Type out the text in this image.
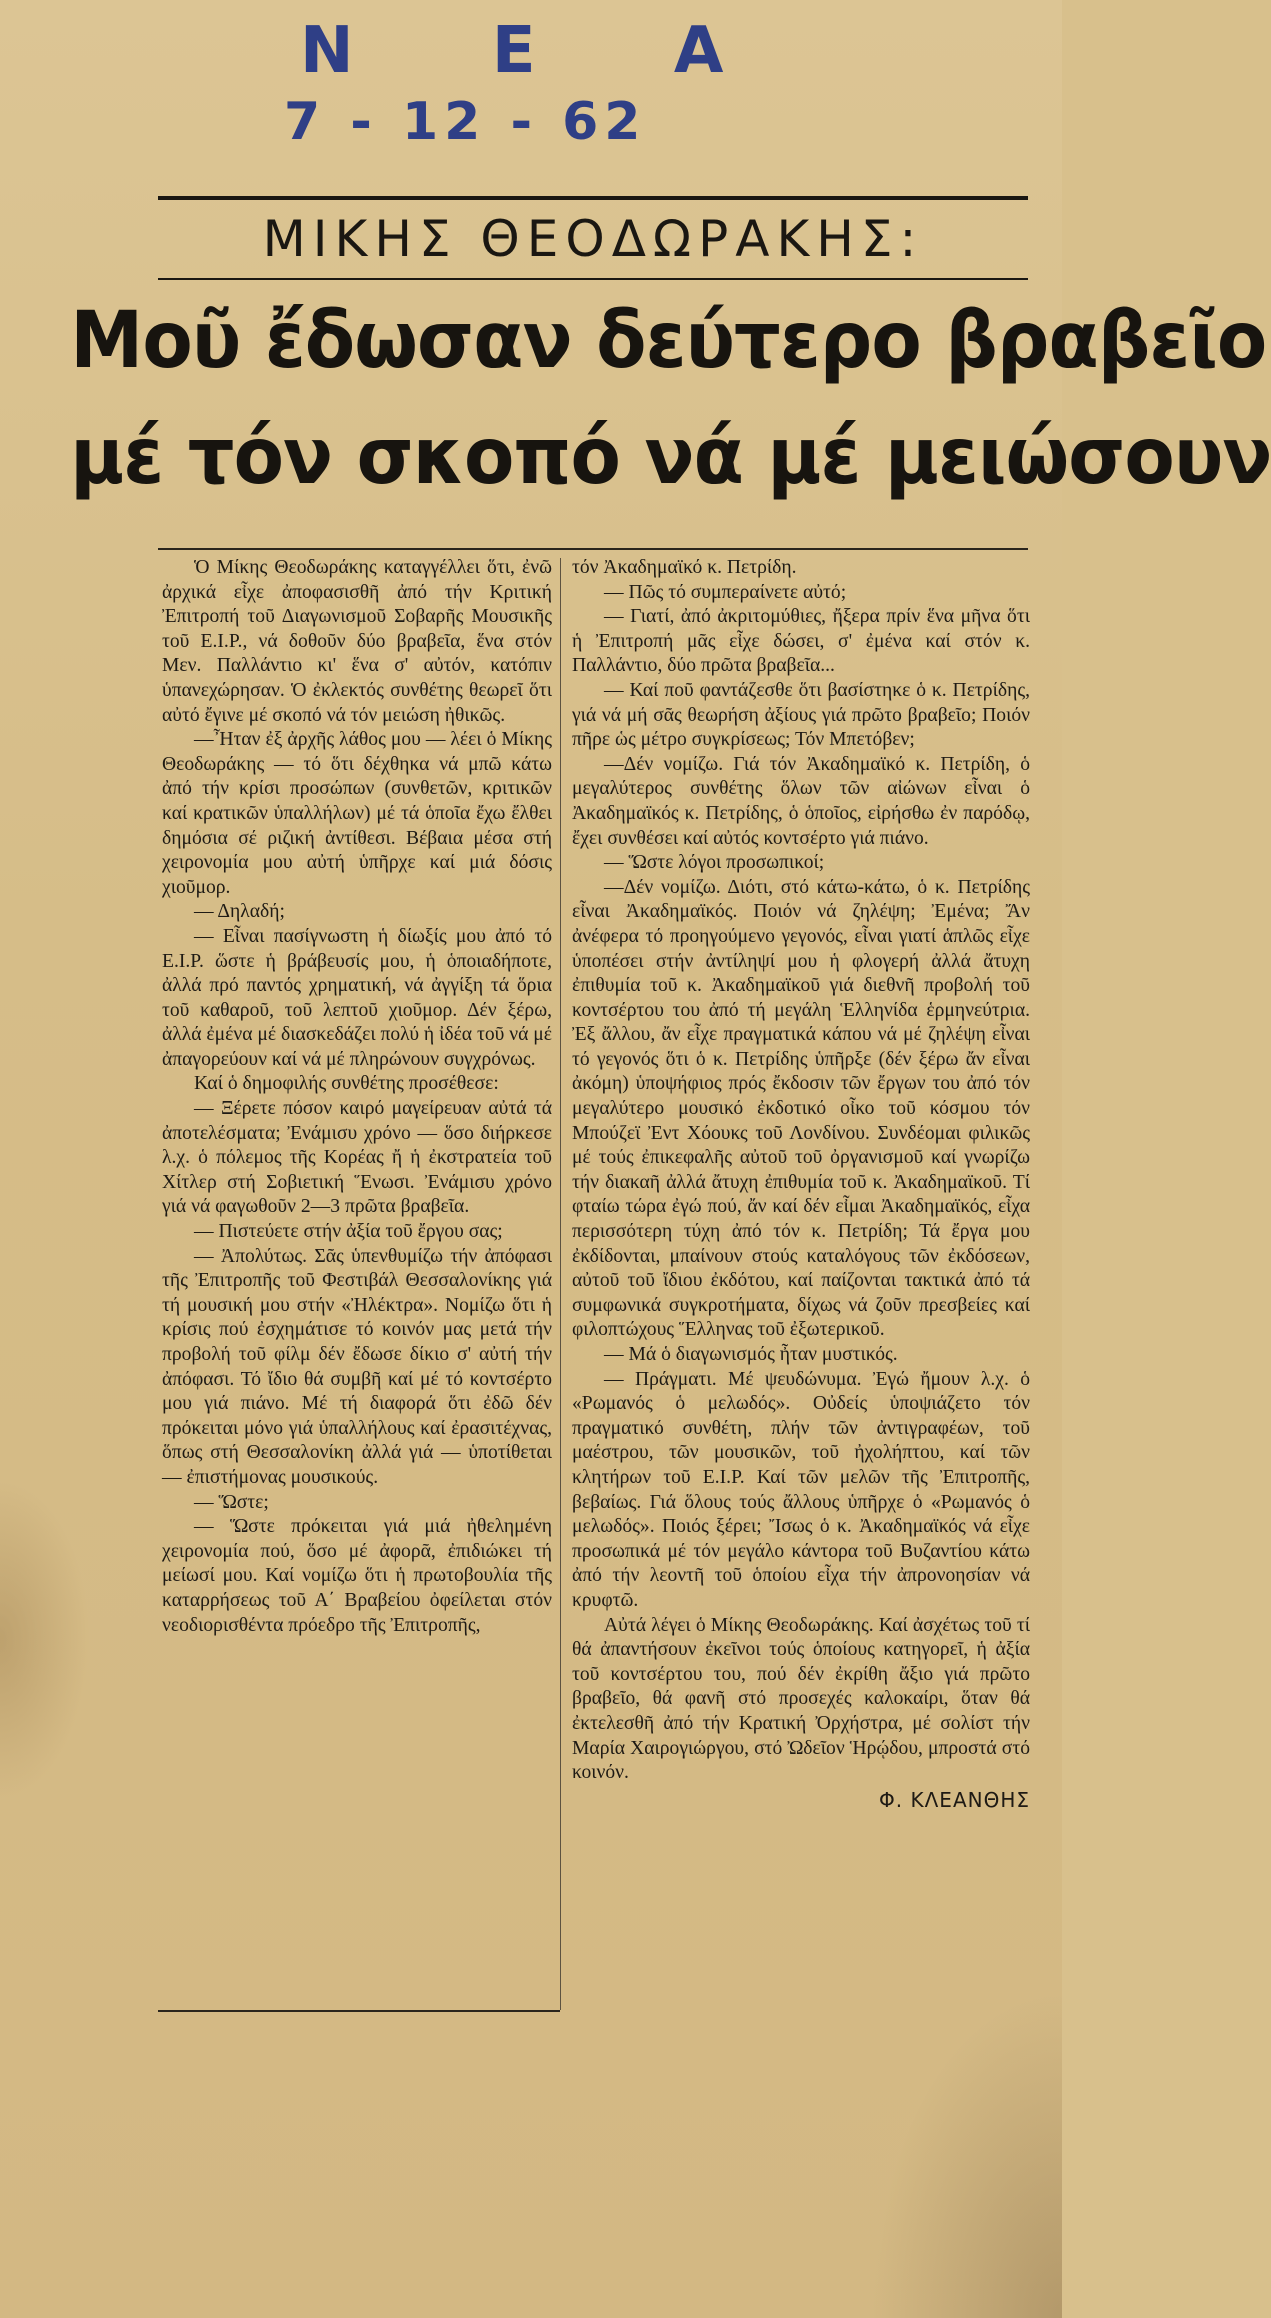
Ν Ε Α
7 - 12 - 62
ΜΙΚΗΣ ΘΕΟΔΩΡΑΚΗΣ:
Μοῦ ἔδωσαν δεύτερο βραβεῖο
μέ τόν σκοπό νά μέ μειώσουν

Ὁ Μίκης Θεοδωράκης καταγγέλλει ὅτι, ἐνῶ ἀρχικά εἶχε ἀποφασισθῆ ἀπό τήν Κριτική Ἐπιτροπή τοῦ Διαγωνισμοῦ Σοβαρῆς Μουσικῆς τοῦ Ε.Ι.Ρ., νά δοθοῦν δύο βραβεῖα, ἕνα στόν Μεν. Παλλάντιο κι' ἕνα σ' αὐτόν, κατόπιν ὑπανεχώρησαν. Ὁ ἐκλεκτός συνθέτης θεωρεῖ ὅτι αὐτό ἔγινε μέ σκοπό νά τόν μειώση ἠθικῶς.

—Ἦταν ἐξ ἀρχῆς λάθος μου — λέει ὁ Μίκης Θεοδωράκης — τό ὅτι δέχθηκα νά μπῶ κάτω ἀπό τήν κρίσι προσώπων (συνθετῶν, κριτικῶν καί κρατικῶν ὑπαλλήλων) μέ τά ὁποῖα ἔχω ἔλθει δημόσια σέ ριζική ἀντίθεσι. Βέβαια μέσα στή χειρονομία μου αὐτή ὑπῆρχε καί μιά δόσις χιοῦμορ.

— Δηλαδή;

— Εἶναι πασίγνωστη ἡ δίωξίς μου ἀπό τό Ε.Ι.Ρ. ὥστε ἡ βράβευσίς μου, ἡ ὁποιαδήποτε, ἀλλά πρό παντός χρηματική, νά ἀγγίξη τά ὅρια τοῦ καθαροῦ, τοῦ λεπτοῦ χιοῦμορ. Δέν ξέρω, ἀλλά ἐμένα μέ διασκεδάζει πολύ ἡ ἰδέα τοῦ νά μέ ἀπαγορεύουν καί νά μέ πληρώνουν συγχρόνως.

Καί ὁ δημοφιλής συνθέτης προσέθεσε:

— Ξέρετε πόσον καιρό μαγείρευαν αὐτά τά ἀποτελέσματα; Ἐνάμισυ χρόνο — ὅσο διήρκεσε λ.χ. ὁ πόλεμος τῆς Κορέας ἤ ἡ ἐκστρατεία τοῦ Χίτλερ στή Σοβιετική Ἕνωσι. Ἐνάμισυ χρόνο γιά νά φαγωθοῦν 2—3 πρῶτα βραβεῖα.

— Πιστεύετε στήν ἀξία τοῦ ἔργου σας;

— Ἀπολύτως. Σᾶς ὑπενθυμίζω τήν ἀπόφασι τῆς Ἐπιτροπῆς τοῦ Φεστιβάλ Θεσσαλονίκης γιά τή μουσική μου στήν «Ἠλέκτρα». Νομίζω ὅτι ἡ κρίσις πού ἐσχημάτισε τό κοινόν μας μετά τήν προβολή τοῦ φίλμ δέν ἔδωσε δίκιο σ' αὐτή τήν ἀπόφασι. Τό ἴδιο θά συμβῆ καί μέ τό κοντσέρτο μου γιά πιάνο. Μέ τή διαφορά ὅτι ἐδῶ δέν πρόκειται μόνο γιά ὑπαλλήλους καί ἐρασιτέχνας, ὅπως στή Θεσσαλονίκη ἀλλά γιά — ὑποτίθεται — ἐπιστήμονας μουσικούς.

— Ὥστε;

— Ὥστε πρόκειται γιά μιά ἠθελημένη χειρονομία πού, ὅσο μέ ἀφορᾶ, ἐπιδιώκει τή μείωσί μου. Καί νομίζω ὅτι ἡ πρωτοβουλία τῆς καταρρήσεως τοῦ Α΄ Βραβείου ὀφείλεται στόν νεοδιορισθέντα πρόεδρο τῆς Ἐπιτροπῆς,

τόν Ἀκαδημαϊκό κ. Πετρίδη.

— Πῶς τό συμπεραίνετε αὐτό;

— Γιατί, ἀπό ἀκριτομύθιες, ἤξερα πρίν ἕνα μῆνα ὅτι ἡ Ἐπιτροπή μᾶς εἶχε δώσει, σ' ἐμένα καί στόν κ. Παλλάντιο, δύο πρῶτα βραβεῖα...

— Καί ποῦ φαντάζεσθε ὅτι βασίστηκε ὁ κ. Πετρίδης, γιά νά μή σᾶς θεωρήση ἀξίους γιά πρῶτο βραβεῖο; Ποιόν πῆρε ὡς μέτρο συγκρίσεως; Τόν Μπετόβεν;

—Δέν νομίζω. Γιά τόν Ἀκαδημαϊκό κ. Πετρίδη, ὁ μεγαλύτερος συνθέτης ὅλων τῶν αἰώνων εἶναι ὁ Ἀκαδημαϊκός κ. Πετρίδης, ὁ ὁποῖος, εἰρήσθω ἐν παρόδῳ, ἔχει συνθέσει καί αὐτός κοντσέρτο γιά πιάνο.

— Ὥστε λόγοι προσωπικοί;

—Δέν νομίζω. Διότι, στό κάτω-κάτω, ὁ κ. Πετρίδης εἶναι Ἀκαδημαϊκός. Ποιόν νά ζηλέψη; Ἐμένα; Ἄν ἀνέφερα τό προηγούμενο γεγονός, εἶναι γιατί ἁπλῶς εἶχε ὑποπέσει στήν ἀντίληψί μου ἡ φλογερή ἀλλά ἄτυχη ἐπιθυμία τοῦ κ. Ἀκαδημαϊκοῦ γιά διεθνῆ προβολή τοῦ κοντσέρτου του ἀπό τή μεγάλη Ἑλληνίδα ἑρμηνεύτρια. Ἐξ ἄλλου, ἄν εἶχε πραγματικά κάπου νά μέ ζηλέψη εἶναι τό γεγονός ὅτι ὁ κ. Πετρίδης ὑπῆρξε (δέν ξέρω ἄν εἶναι ἀκόμη) ὑποψήφιος πρός ἔκδοσιν τῶν ἔργων του ἀπό τόν μεγαλύτερο μουσικό ἐκδοτικό οἶκο τοῦ κόσμου τόν Μπούζεϊ Ἐντ Χόουκς τοῦ Λονδίνου. Συνδέομαι φιλικῶς μέ τούς ἐπικεφαλῆς αὐτοῦ τοῦ ὀργανισμοῦ καί γνωρίζω τήν διακαῆ ἀλλά ἄτυχη ἐπιθυμία τοῦ κ. Ἀκαδημαϊκοῦ. Τί φταίω τώρα ἐγώ πού, ἄν καί δέν εἶμαι Ἀκαδημαϊκός, εἶχα περισσότερη τύχη ἀπό τόν κ. Πετρίδη; Τά ἔργα μου ἐκδίδονται, μπαίνουν στούς καταλόγους τῶν ἐκδόσεων, αὐτοῦ τοῦ ἴδιου ἐκδότου, καί παίζονται τακτικά ἀπό τά συμφωνικά συγκροτήματα, δίχως νά ζοῦν πρεσβείες καί φιλοπτώχους Ἕλληνας τοῦ ἐξωτερικοῦ.

— Μά ὁ διαγωνισμός ἦταν μυστικός.

— Πράγματι. Μέ ψευδώνυμα. Ἐγώ ἤμουν λ.χ. ὁ «Ρωμανός ὁ μελωδός». Οὐδείς ὑποψιάζετο τόν πραγματικό συνθέτη, πλήν τῶν ἀντιγραφέων, τοῦ μαέστρου, τῶν μουσικῶν, τοῦ ἠχολήπτου, καί τῶν κλητήρων τοῦ Ε.Ι.Ρ. Καί τῶν μελῶν τῆς Ἐπιτροπῆς, βεβαίως. Γιά ὅλους τούς ἄλλους ὑπῆρχε ὁ «Ρωμανός ὁ μελωδός». Ποιός ξέρει; Ἴσως ὁ κ. Ἀκαδημαϊκός νά εἶχε προσωπικά μέ τόν μεγάλο κάντορα τοῦ Βυζαντίου κάτω ἀπό τήν λεοντῆ τοῦ ὁποίου εἶχα τήν ἀπρονοησίαν νά κρυφτῶ.

Αὐτά λέγει ὁ Μίκης Θεοδωράκης. Καί ἀσχέτως τοῦ τί θά ἀπαντήσουν ἐκεῖνοι τούς ὁποίους κατηγορεῖ, ἡ ἀξία τοῦ κοντσέρτου του, πού δέν ἐκρίθη ἄξιο γιά πρῶτο βραβεῖο, θά φανῆ στό προσεχές καλοκαίρι, ὅταν θά ἐκτελεσθῆ ἀπό τήν Κρατική Ὀρχήστρα, μέ σολίστ τήν Μαρία Χαιρογιώργου, στό Ὠδεῖον Ἡρῴδου, μπροστά στό κοινόν.

Φ. ΚΛΕΑΝΘΗΣ
